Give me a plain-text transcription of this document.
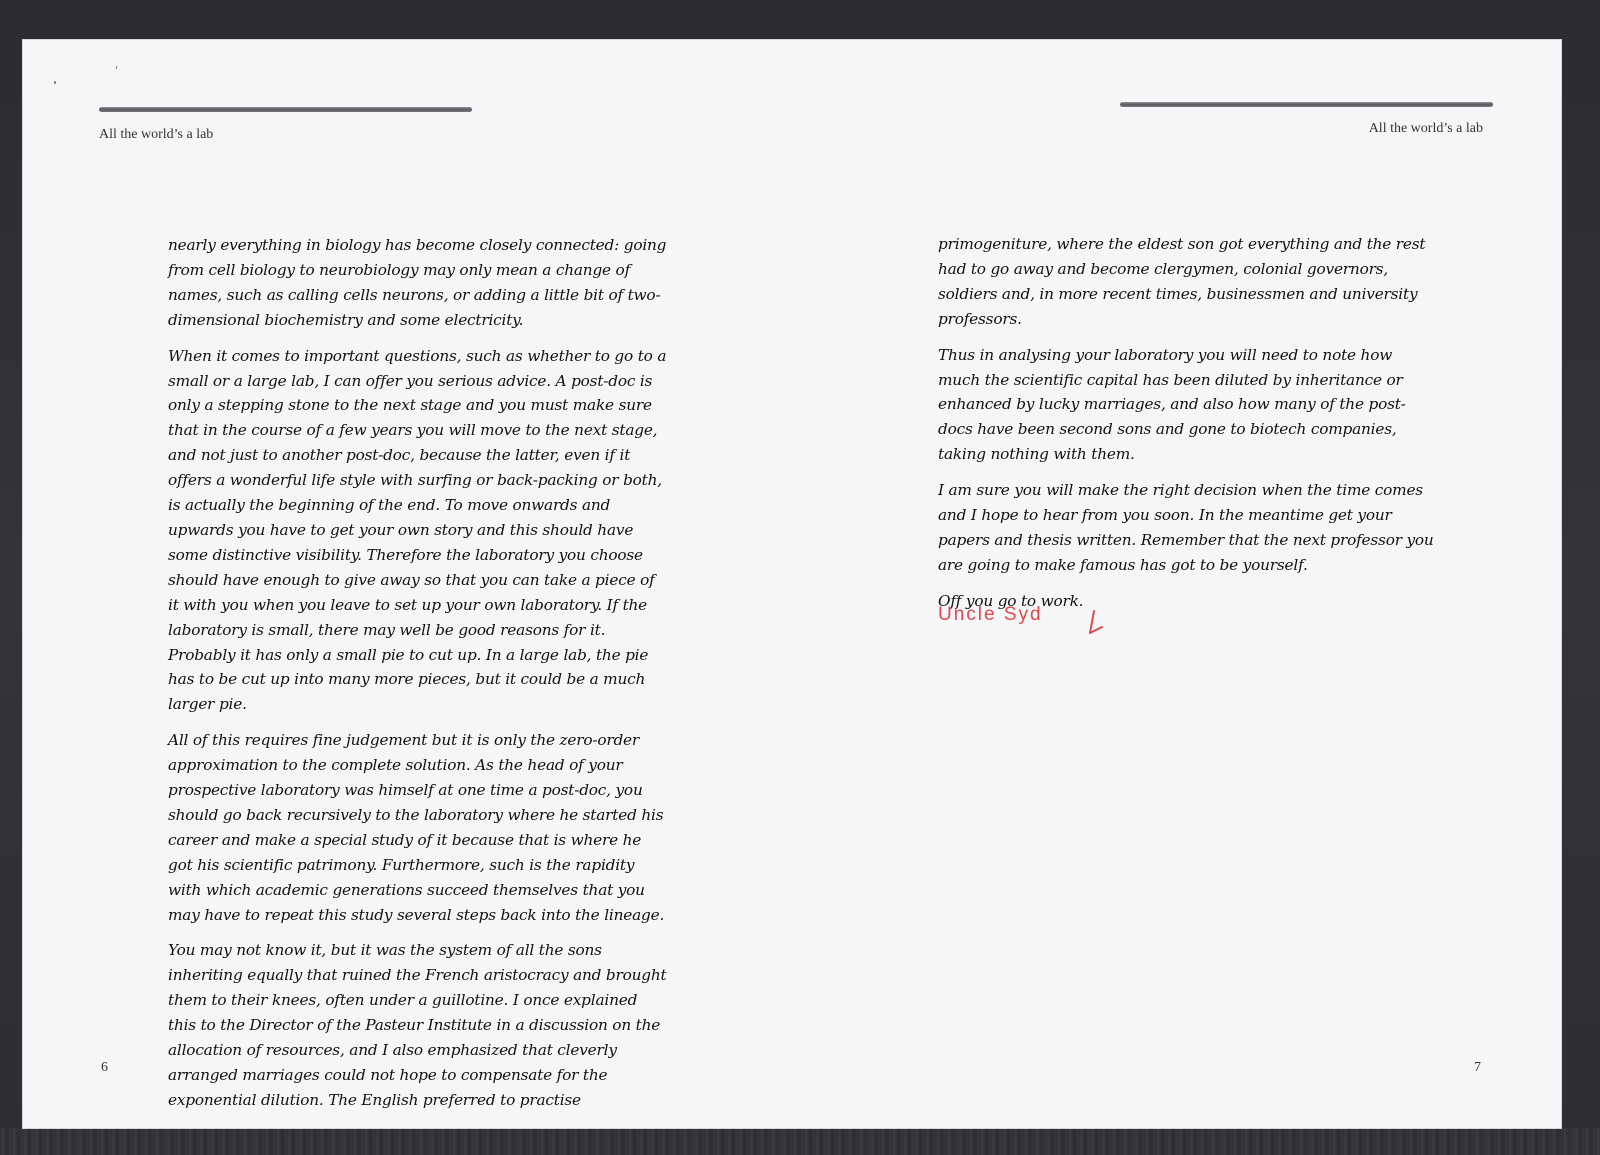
All the world’s a lab

nearly everything in biology has become closely connected: going from cell biology to neurobiology may only mean a change of names, such as calling cells neurons, or adding a little bit of two-dimensional biochemistry and some electricity.

When it comes to important questions, such as whether to go to a small or a large lab, I can offer you serious advice. A post-doc is only a stepping stone to the next stage and you must make sure that in the course of a few years you will move to the next stage, and not just to another post-doc, because the latter, even if it offers a wonderful life style with surfing or back-packing or both, is actually the beginning of the end. To move onwards and upwards you have to get your own story and this should have some distinctive visibility. Therefore the laboratory you choose should have enough to give away so that you can take a piece of it with you when you leave to set up your own laboratory. If the laboratory is small, there may well be good reasons for it. Probably it has only a small pie to cut up. In a large lab, the pie has to be cut up into many more pieces, but it could be a much larger pie.

All of this requires fine judgement but it is only the zero-order approximation to the complete solution. As the head of your prospective laboratory was himself at one time a post-doc, you should go back recursively to the laboratory where he started his career and make a special study of it because that is where he got his scientific patrimony. Furthermore, such is the rapidity with which academic generations succeed themselves that you may have to repeat this study several steps back into the lineage.

You may not know it, but it was the system of all the sons inheriting equally that ruined the French aristocracy and brought them to their knees, often under a guillotine. I once explained this to the Director of the Pasteur Institute in a discussion on the allocation of resources, and I also emphasized that cleverly arranged marriages could not hope to compensate for the exponential dilution. The English preferred to practise

6
All the world’s a lab

primogeniture, where the eldest son got everything and the rest had to go away and become clergymen, colonial governors, soldiers and, in more recent times, businessmen and university professors.

Thus in analysing your laboratory you will need to note how much the scientific capital has been diluted by inheritance or enhanced by lucky marriages, and also how many of the post-docs have been second sons and gone to biotech companies, taking nothing with them.

I am sure you will make the right decision when the time comes and I hope to hear from you soon. In the meantime get your papers and thesis written. Remember that the next professor you are going to make famous has got to be yourself.

Off you go to work.

Uncle Syd
7
